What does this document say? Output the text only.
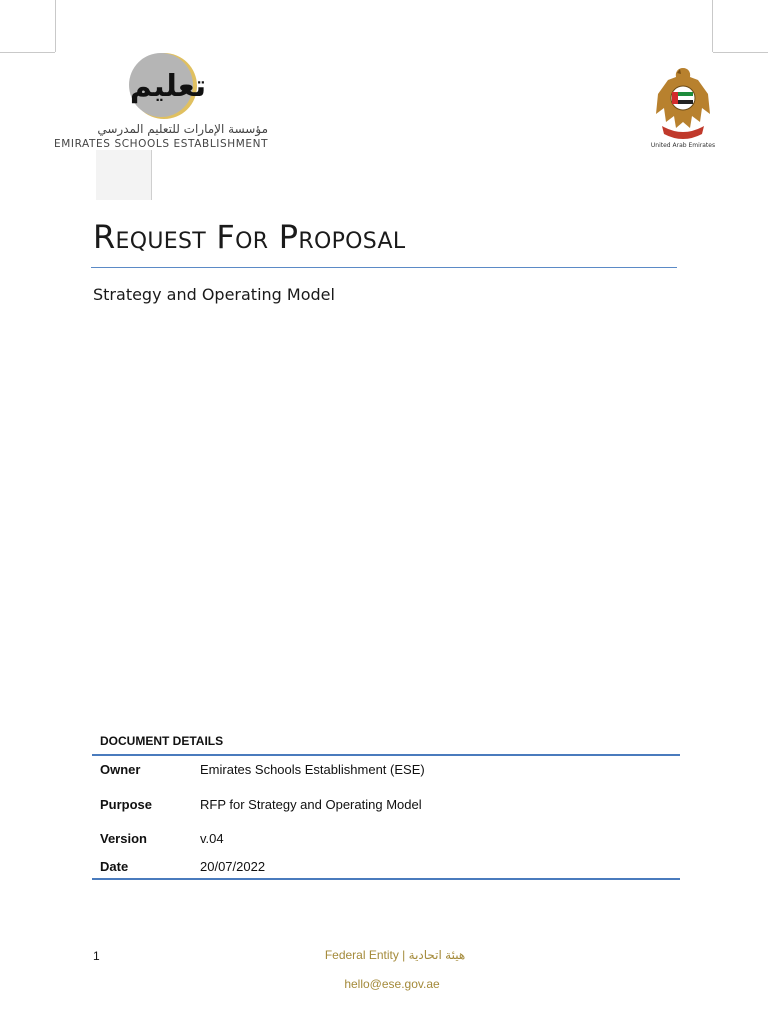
تعليم
مؤسسة الإمارات للتعليم المدرسي
EMIRATES SCHOOLS ESTABLISHMENT	United Arab Emirates
Request For Proposal
Strategy and Operating Model
DOCUMENT DETAILS
Owner	Emirates Schools Establishment (ESE)
Purpose	RFP for Strategy and Operating Model
Version	v.04
Date	20/07/2022
1	Federal Entity | هيئة اتحادية
hello@ese.gov.ae
